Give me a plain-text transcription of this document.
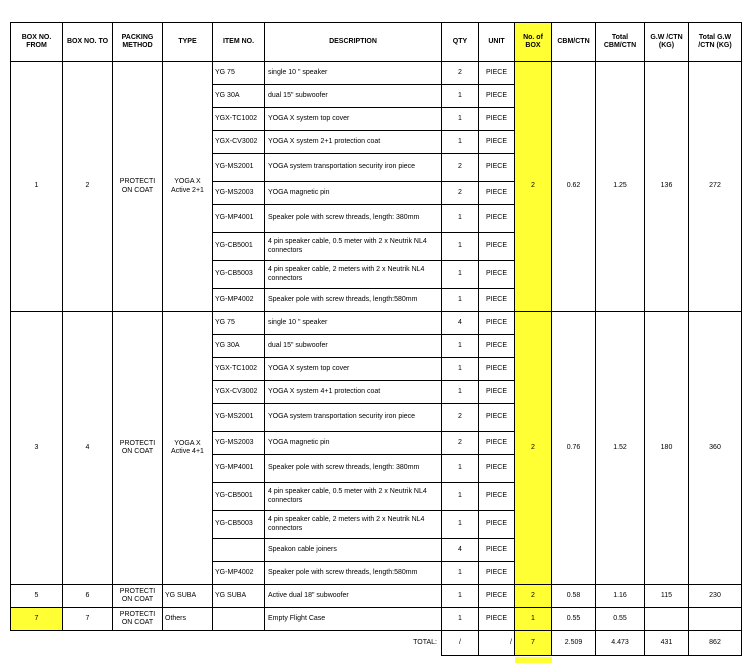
BOX NO. FROM	BOX NO. TO	PACKING METHOD	TYPE	ITEM NO.	DESCRIPTION	QTY	UNIT	No. of BOX	CBM/CTN	Total CBM/CTN	G.W /CTN (KG)	Total G.W /CTN (KG)
1	2	PROTECTI ON COAT	YOGA X Active 2+1	YG 75	single 10 " speaker	2	PIECE	2	0.62	1.25	136	272
				YG 30A	dual 15" subwoofer	1	PIECE					
				YGX-TC1002	YOGA X system top cover	1	PIECE					
				YGX-CV3002	YOGA X system 2+1 protection coat	1	PIECE					
				YG-MS2001	YOGA system transportation security iron piece	2	PIECE					
				YG-MS2003	YOGA magnetic pin	2	PIECE					
				YG-MP4001	Speaker pole with screw threads, length: 380mm	1	PIECE					
				YG-CB5001	4 pin speaker cable, 0.5 meter with 2 x Neutrik NL4 connectors	1	PIECE					
				YG-CB5003	4 pin speaker cable, 2 meters with 2 x Neutrik NL4 connectors	1	PIECE					
				YG-MP4002	Speaker pole with screw threads, length:580mm	1	PIECE					
3	4	PROTECTI ON COAT	YOGA X Active 4+1	YG 75	single 10 " speaker	4	PIECE	2	0.76	1.52	180	360
				YG 30A	dual 15" subwoofer	1	PIECE					
				YGX-TC1002	YOGA X system top cover	1	PIECE					
				YGX-CV3002	YOGA X system 4+1 protection coat	1	PIECE					
				YG-MS2001	YOGA system transportation security iron piece	2	PIECE					
				YG-MS2003	YOGA magnetic pin	2	PIECE					
				YG-MP4001	Speaker pole with screw threads, length: 380mm	1	PIECE					
				YG-CB5001	4 pin speaker cable, 0.5 meter with 2 x Neutrik NL4 connectors	1	PIECE					
				YG-CB5003	4 pin speaker cable, 2 meters with 2 x Neutrik NL4 connectors	1	PIECE					
					Speakon cable joiners	4	PIECE					
				YG-MP4002	Speaker pole with screw threads, length:580mm	1	PIECE					
5	6	PROTECTI ON COAT	YG SUBA	YG SUBA	Active dual 18" subwoofer	1	PIECE	2	0.58	1.16	115	230
7	7	PROTECTI ON COAT	Others		Empty Flight Case	1	PIECE	1	0.55	0.55		
TOTAL:						/	/	7	2.509	4.473	431	862
